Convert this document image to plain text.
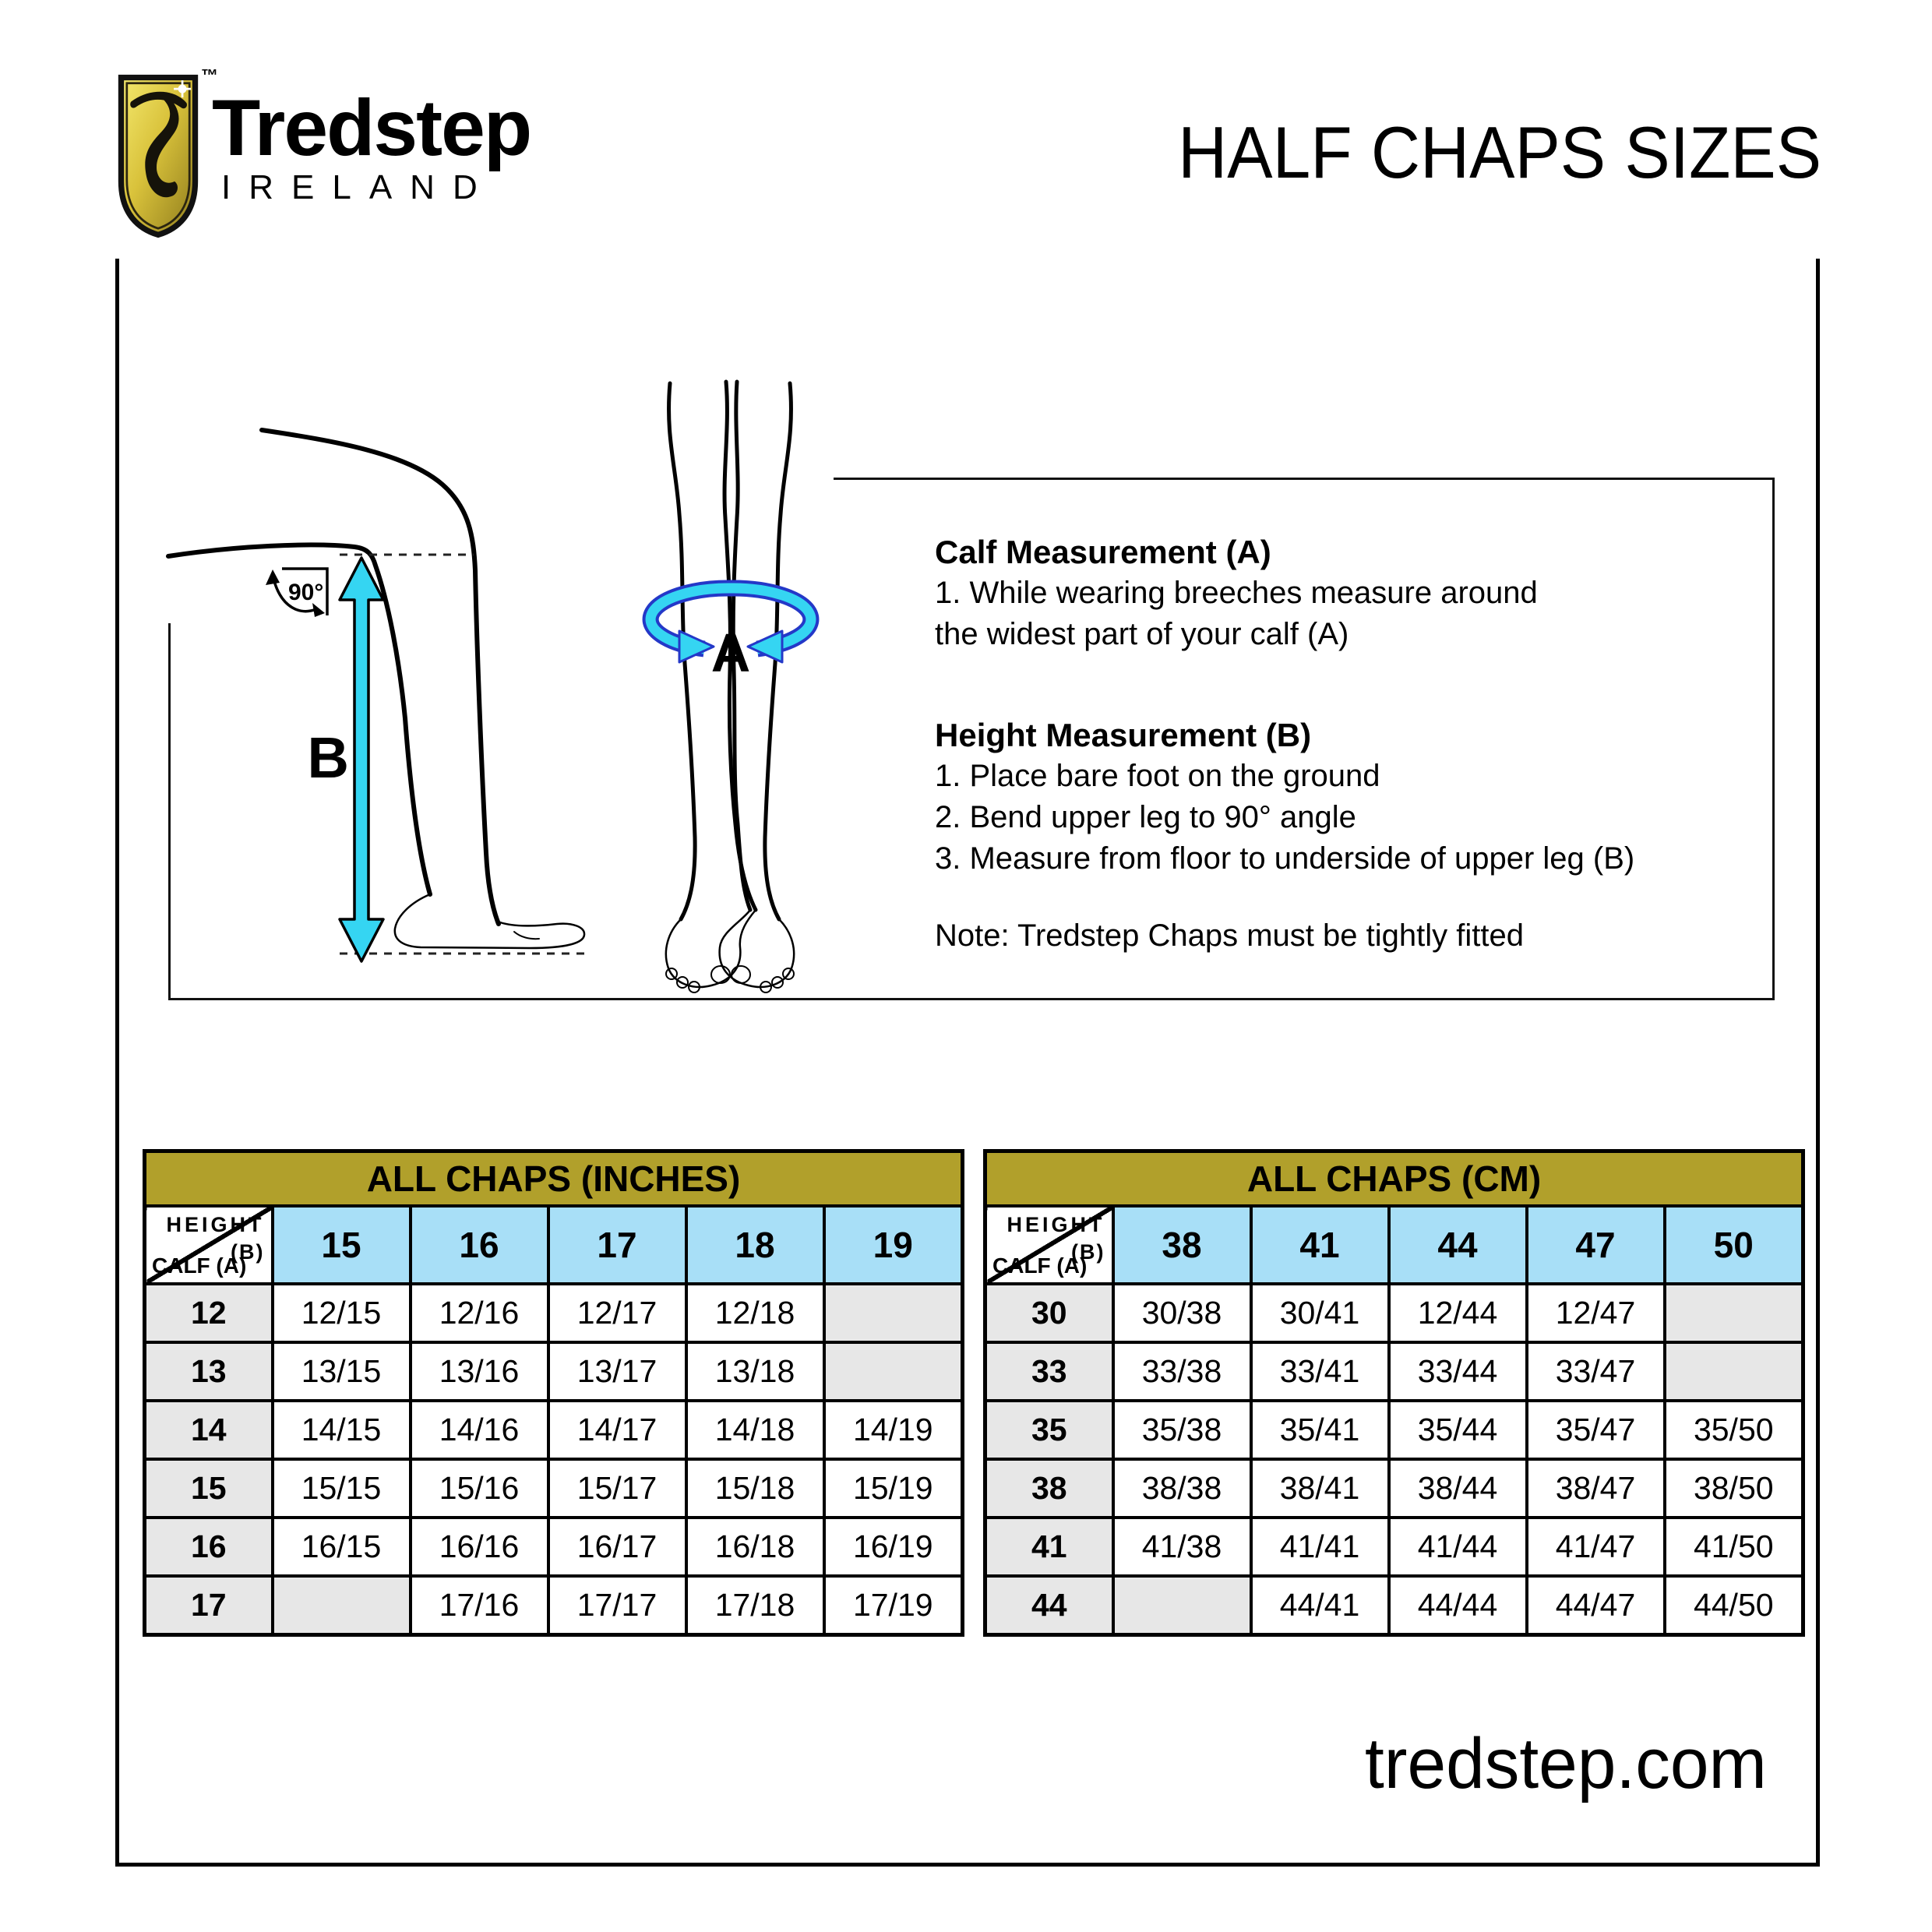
™
Tredstep
IRELAND	HALF CHAPS SIZES
90°
B
A
Calf Measurement (A)
1. While wearing breeches measure around
the widest part of your calf (A)
Height Measurement (B)
1. Place bare foot on the ground
2. Bend upper leg to 90° angle
3. Measure from floor to underside of upper leg (B)
Note: Tredstep Chaps must be tightly fitted
ALL CHAPS (INCHES)					

HEIGHT
(B)
CALF (A)	15	16	17	18	19
12	12/15	12/16	12/17	12/18	
13	13/15	13/16	13/17	13/18	
14	14/15	14/16	14/17	14/18	14/19
15	15/15	15/16	15/17	15/18	15/19
16	16/15	16/16	16/17	16/18	16/19
17		17/16	17/17	17/18	17/19
ALL CHAPS (CM)					

HEIGHT
(B)
CALF (A)	38	41	44	47	50
30	30/38	30/41	12/44	12/47	
33	33/38	33/41	33/44	33/47	
35	35/38	35/41	35/44	35/47	35/50
38	38/38	38/41	38/44	38/47	38/50
41	41/38	41/41	41/44	41/47	41/50
44		44/41	44/44	44/47	44/50
tredstep.com
